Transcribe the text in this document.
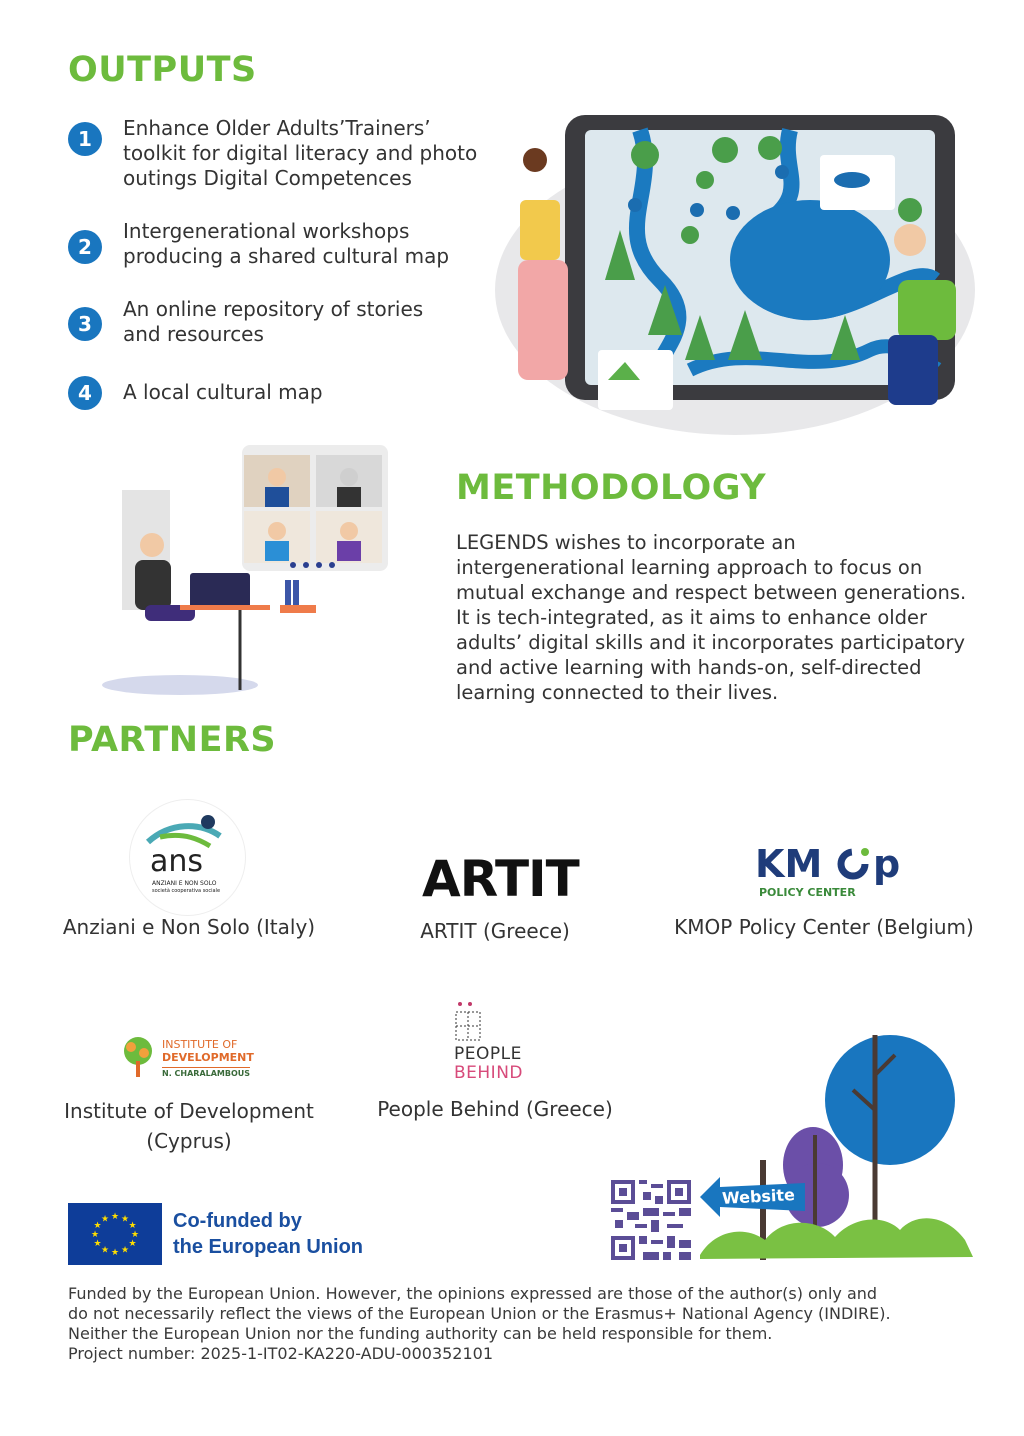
OUTPUTS
1	Enhance Older Adults’Trainers’
toolkit for digital literacy and photo
outings Digital Competences
2
Intergenerational workshops
producing a shared cultural map
3
An online repository of stories
and resources
4	A local cultural map
METHODOLOGY
LEGENDS wishes to incorporate an
intergenerational learning approach to focus on
mutual exchange and respect between generations.
It is tech-integrated, as it aims to enhance older
adults’ digital skills and it incorporates participatory
and active learning with hands-on, self-directed
learning connected to their lives.
PARTNERS
ans
ANZIANI E NON SOLO
società cooperativa sociale
Anziani e Non Solo (Italy)
ARTIT
ARTIT (Greece)
KM p
POLICY CENTER
KMOP Policy Center (Belgium)
INSTITUTE OF
DEVELOPMENT
N. CHARALAMBOUS
Institute of Development
(Cyprus)
PEOPLE
BEHIND
People Behind (Greece)
Website
★ ★
★
★
★
★
★
★
★
★
★
★	Co-funded by
the European Union
Funded by the European Union. However, the opinions expressed are those of the author(s) only and
do not necessarily reflect the views of the European Union or the Erasmus+ National Agency (INDIRE).
Neither the European Union nor the funding authority can be held responsible for them.
Project number: 2025-1-IT02-KA220-ADU-000352101
